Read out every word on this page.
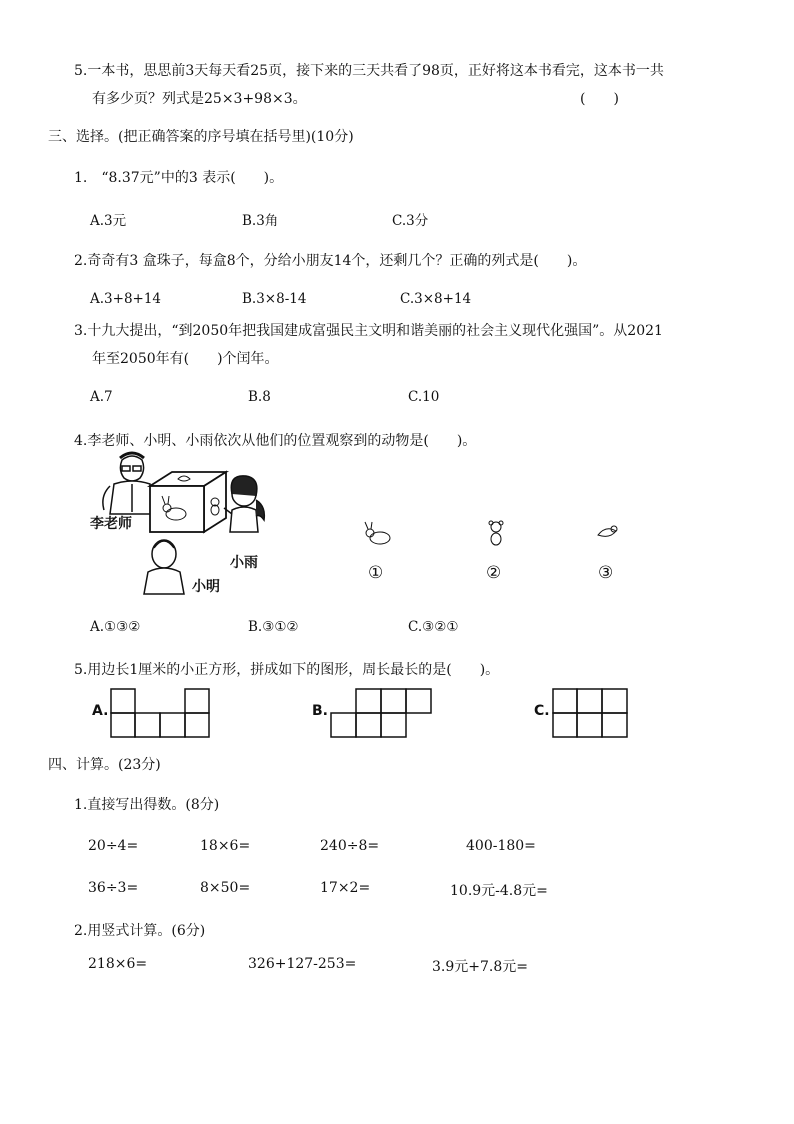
5.一本书，思思前3天每天看25页，接下来的三天共看了98页，正好将这本书看完，这本书一共
有多少页？列式是25×3+98×3。	(　　)
三、选择。(把正确答案的序号填在括号里)(10分)
1.　“8.37元”中的3 表示(　　)。
A.3元	B.3角	C.3分
2.奇奇有3 盒珠子，每盒8个，分给小朋友14个，还剩几个？正确的列式是(　　)。
A.3+8+14	B.3×8-14	C.3×8+14
3.十九大提出，“到2050年把我国建成富强民主文明和谐美丽的社会主义现代化强国”。从2021
年至2050年有(　　)个闰年。
A.7	B.8	C.10
4.李老师、小明、小雨依次从他们的位置观察到的动物是(　　)。
李老师
小雨
小明
①	②	③
A.①③②	B.③①②	C.③②①
5.用边长1厘米的小正方形，拼成如下的图形，周长最长的是(　　)。
A.	B.	C.
四、计算。(23分)
1.直接写出得数。(8分)
20÷4=	18×6=	240÷8=	400-180=
36÷3=	8×50=	17×2=	10.9元-4.8元=
2.用竖式计算。(6分)
218×6=	326+127-253=	3.9元+7.8元=
